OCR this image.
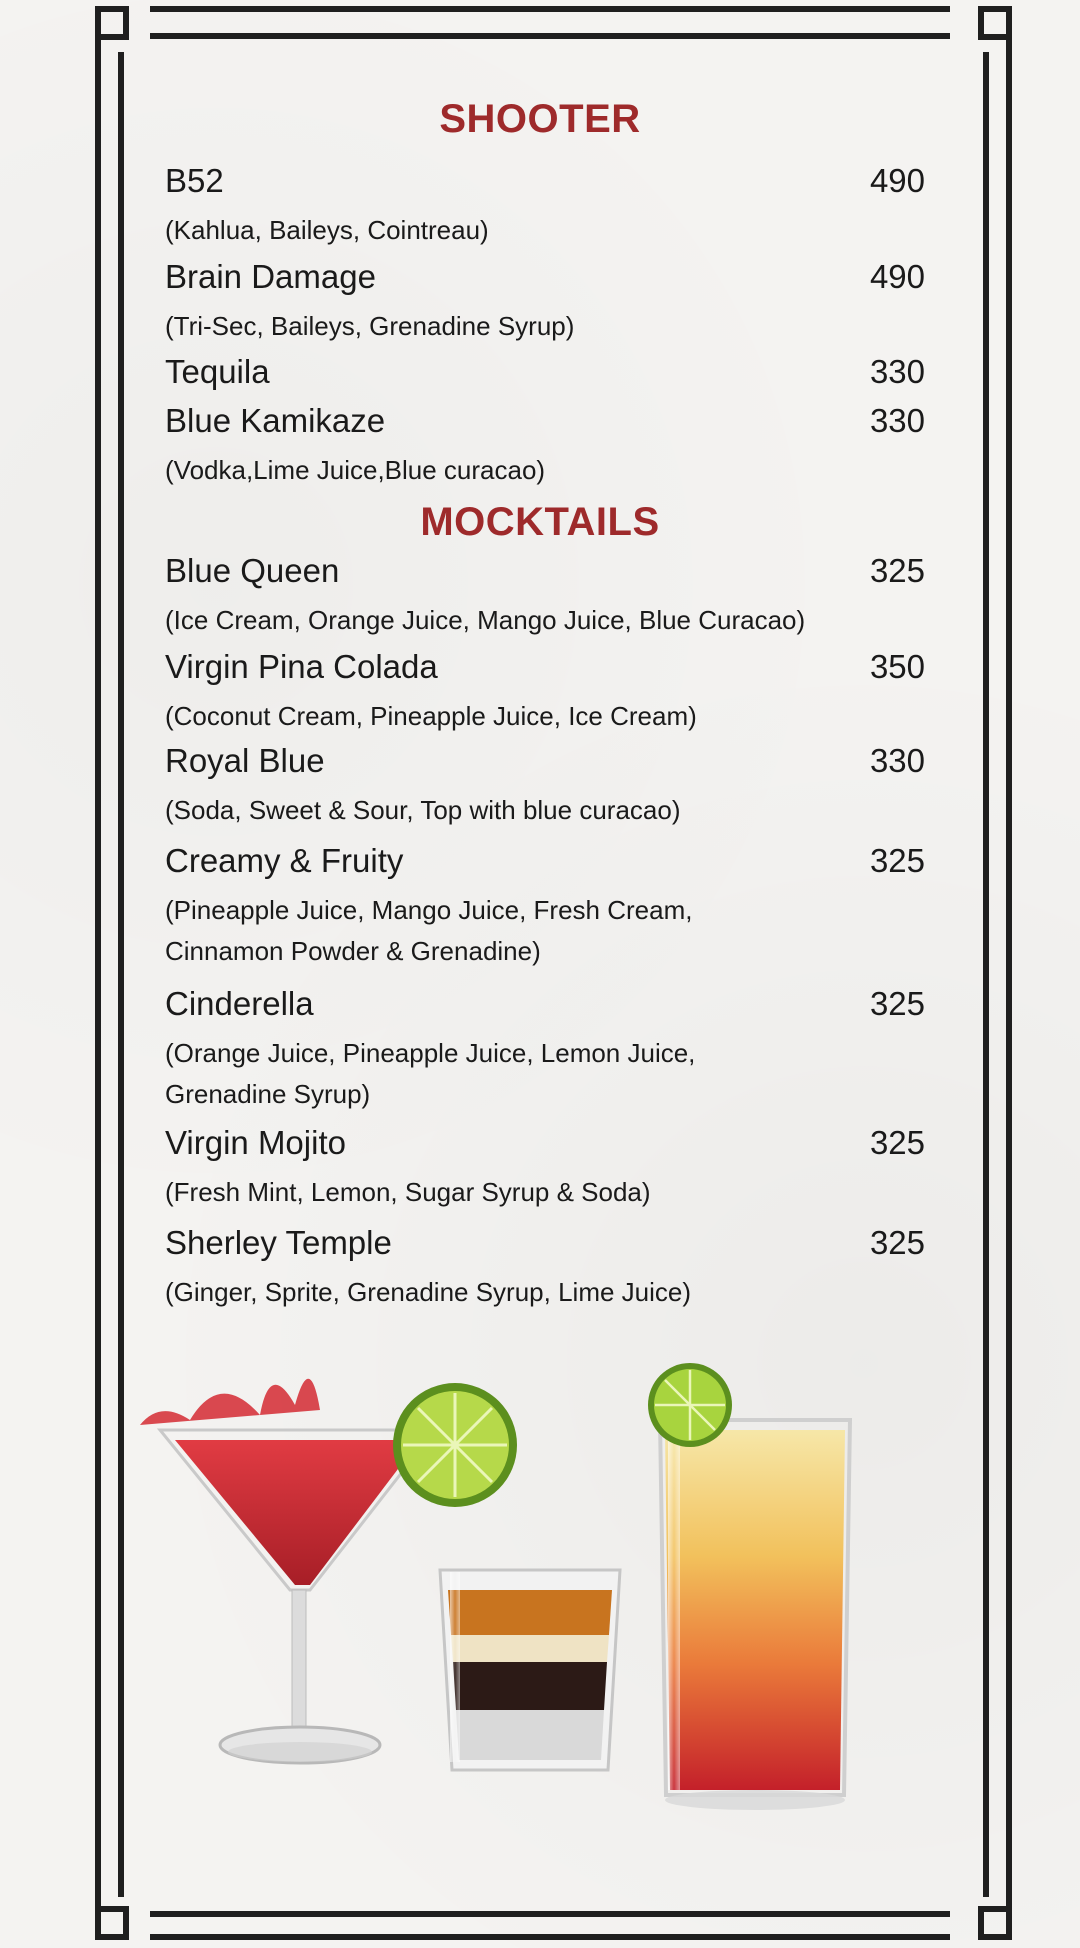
SHOOTER
B52	490
(Kahlua, Baileys, Cointreau)
Brain Damage	490
(Tri-Sec, Baileys, Grenadine Syrup)
Tequila	330
Blue Kamikaze	330
(Vodka,Lime Juice,Blue curacao)
MOCKTAILS
Blue Queen	325
(Ice Cream, Orange Juice, Mango Juice, Blue Curacao)
Virgin Pina Colada	350
(Coconut Cream, Pineapple Juice, Ice Cream)
Royal Blue	330
(Soda, Sweet & Sour, Top with blue curacao)
Creamy & Fruity	325
(Pineapple Juice, Mango Juice, Fresh Cream,
Cinnamon Powder & Grenadine)
Cinderella	325
(Orange Juice, Pineapple Juice, Lemon Juice,
Grenadine Syrup)
Virgin Mojito	325
(Fresh Mint, Lemon, Sugar Syrup & Soda)
Sherley Temple	325
(Ginger, Sprite, Grenadine Syrup, Lime Juice)
